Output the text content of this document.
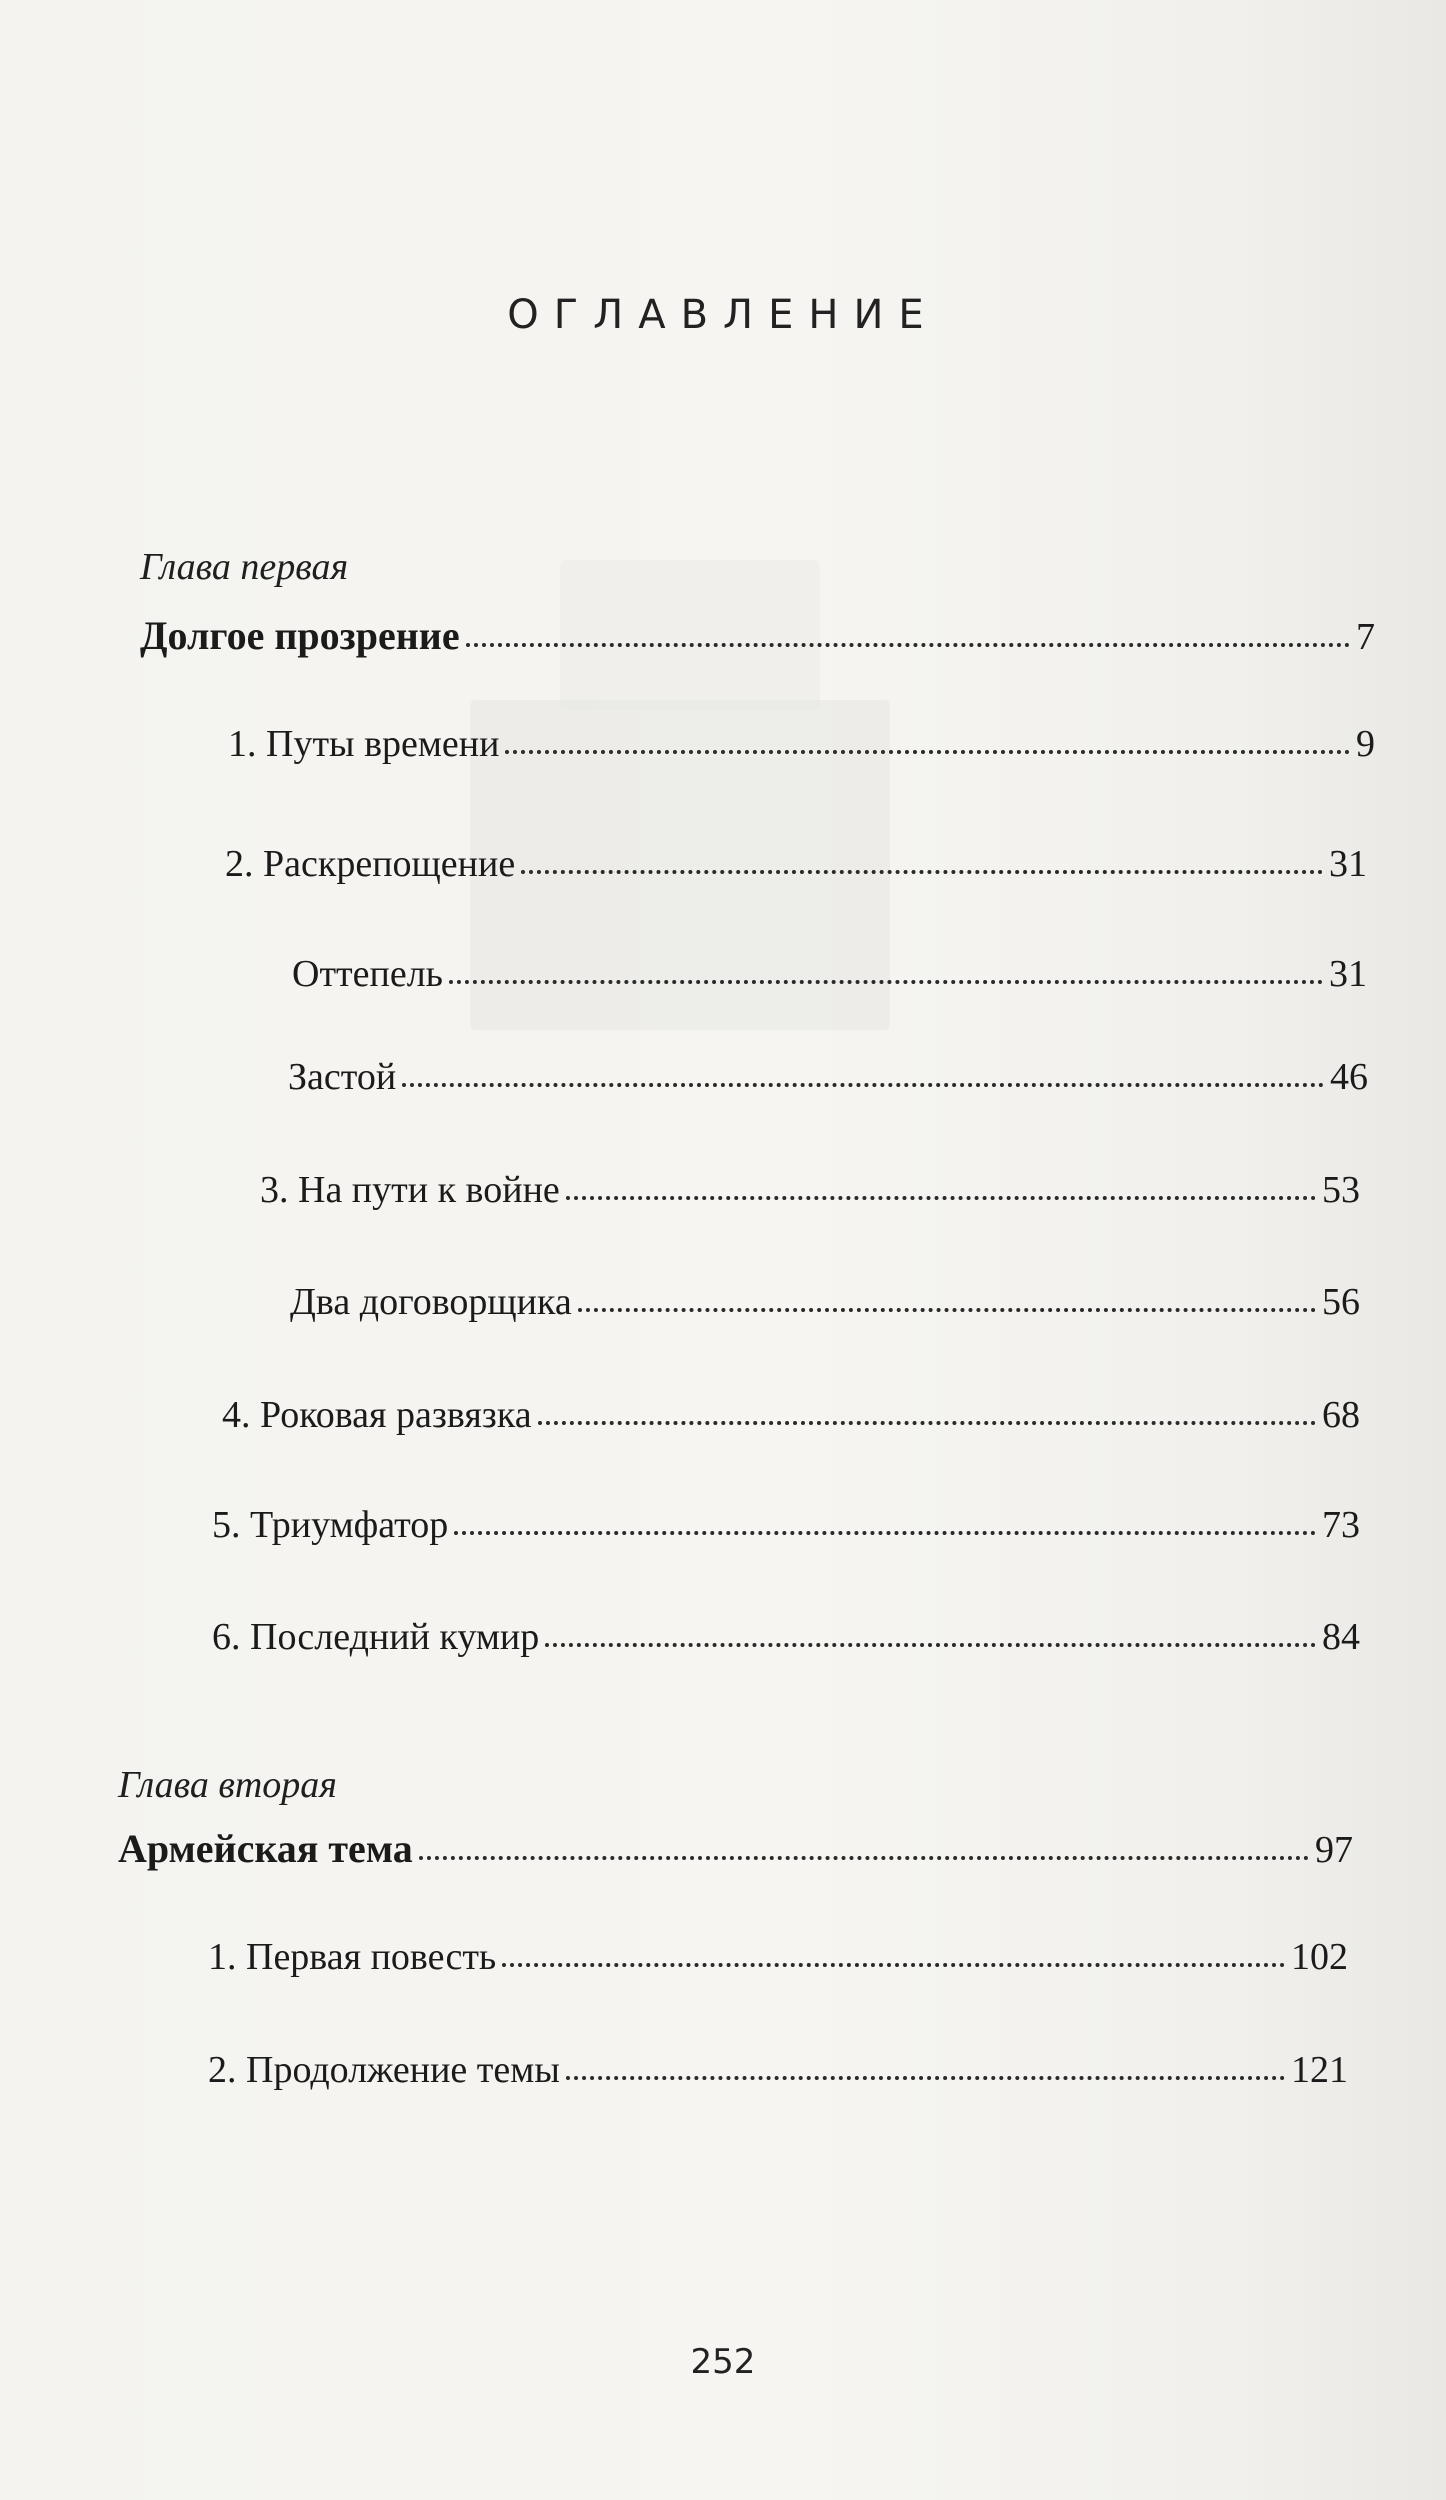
ОГЛАВЛЕНИЕ
Глава первая
Долгое прозрение	7
1. Путы времени	9
2. Раскрепощение	31
Оттепель	31
Застой	46
3. На пути к войне	53
Два договорщика	56
4. Роковая развязка	68
5. Триумфатор	73
6. Последний кумир	84
Глава вторая
Армейская тема	97
1. Первая повесть	102
2. Продолжение темы	121
252
